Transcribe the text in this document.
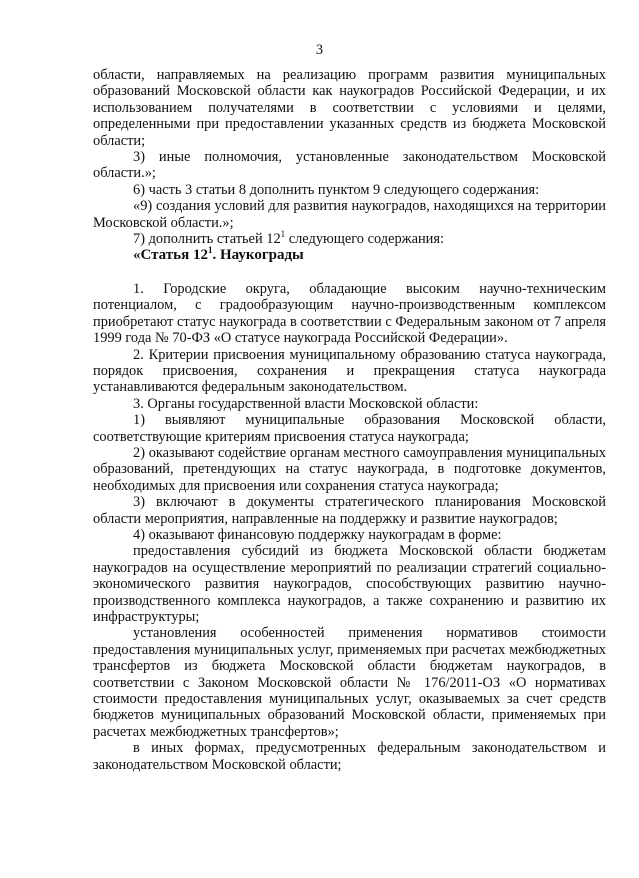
3

области, направляемых на реализацию программ развития муниципальных образований Московской области как наукоградов Российской Федерации, и их использованием получателями в соответствии с условиями и целями, определенными при предоставлении указанных средств из бюджета Московской области;

3) иные полномочия, установленные законодательством Московской области.»;

6) часть 3 статьи 8 дополнить пунктом 9 следующего содержания:

«9) создания условий для развития наукоградов, находящихся на территории Московской области.»;

7) дополнить статьей $12^1$ следующего содержания:

«Статья $12^1$. Наукограды

1. Городские округа, обладающие высоким научно-техническим потенциалом, с градообразующим научно-производственным комплексом приобретают статус наукограда в соответствии с Федеральным законом от 7 апреля 1999 года № 70-ФЗ «О статусе наукограда Российской Федерации».

2. Критерии присвоения муниципальному образованию статуса наукограда, порядок присвоения, сохранения и прекращения статуса наукограда устанавливаются федеральным законодательством.

3. Органы государственной власти Московской области:

1) выявляют муниципальные образования Московской области, соответствующие критериям присвоения статуса наукограда;

2) оказывают содействие органам местного самоуправления муниципальных образований, претендующих на статус наукограда, в подготовке документов, необходимых для присвоения или сохранения статуса наукограда;

3) включают в документы стратегического планирования Московской области мероприятия, направленные на поддержку и развитие наукоградов;

4) оказывают финансовую поддержку наукоградам в форме:

предоставления субсидий из бюджета Московской области бюджетам наукоградов на осуществление мероприятий по реализации стратегий социально-экономического развития наукоградов, способствующих развитию научно-производственного комплекса наукоградов, а также сохранению и развитию их инфраструктуры;

установления особенностей применения нормативов стоимости предоставления муниципальных услуг, применяемых при расчетах межбюджетных трансфертов из бюджета Московской области бюджетам наукоградов, в соответствии с Законом Московской области № 176/2011-ОЗ «О нормативах стоимости предоставления муниципальных услуг, оказываемых за счет средств бюджетов муниципальных образований Московской области, применяемых при расчетах межбюджетных трансфертов»;

в иных формах, предусмотренных федеральным законодательством и законодательством Московской области;
